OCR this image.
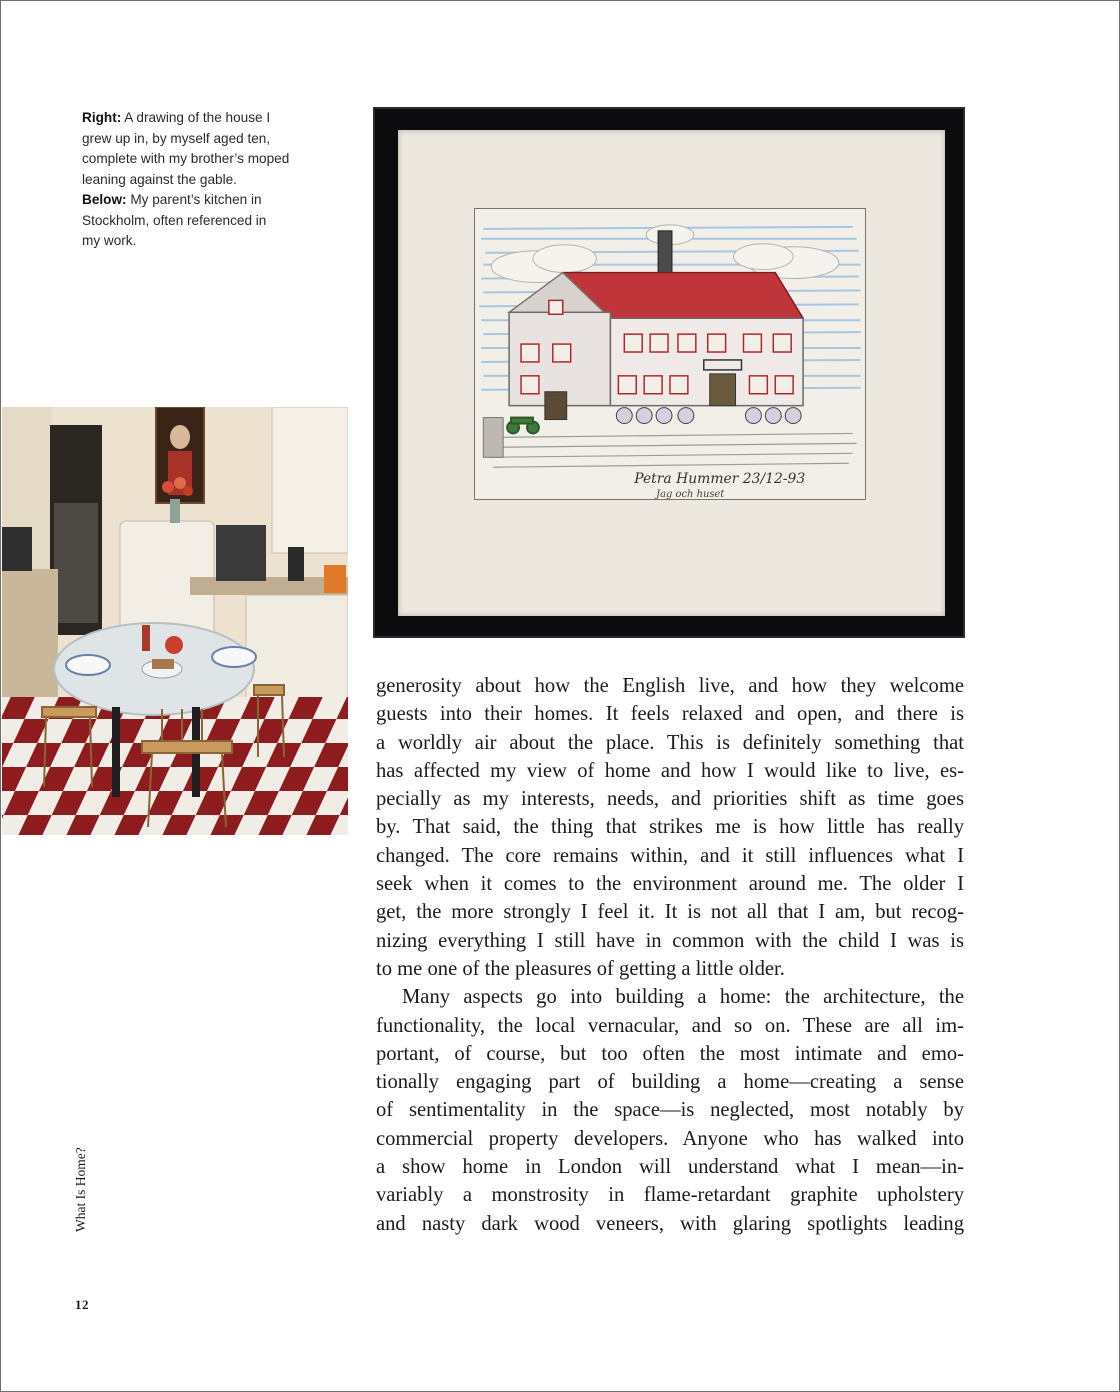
Right: A drawing of the house I
grew up in, by myself aged ten,
complete with my brother’s moped
leaning against the gable.
Below: My parent’s kitchen in
Stockholm, often referenced in
my work.
Petra Hummer 23/12-93
Jag och huset
generosity about how the English live, and how they welcome
guests into their homes. It feels relaxed and open, and there is
a worldly air about the place. This is definitely something that
has affected my view of home and how I would like to live, es-
pecially as my interests, needs, and priorities shift as time goes
by. That said, the thing that strikes me is how little has really
changed. The core remains within, and it still influences what I
seek when it comes to the environment around me. The older I
get, the more strongly I feel it. It is not all that I am, but recog-
nizing everything I still have in common with the child I was is
to me one of the pleasures of getting a little older.
Many aspects go into building a home: the architecture, the
functionality, the local vernacular, and so on. These are all im-
portant, of course, but too often the most intimate and emo-
tionally engaging part of building a home—creating a sense
of sentimentality in the space—is neglected, most notably by
commercial property developers. Anyone who has walked into
a show home in London will understand what I mean—in-
variably a monstrosity in flame-retardant graphite upholstery
and nasty dark wood veneers, with glaring spotlights leading
What Is Home?
12
